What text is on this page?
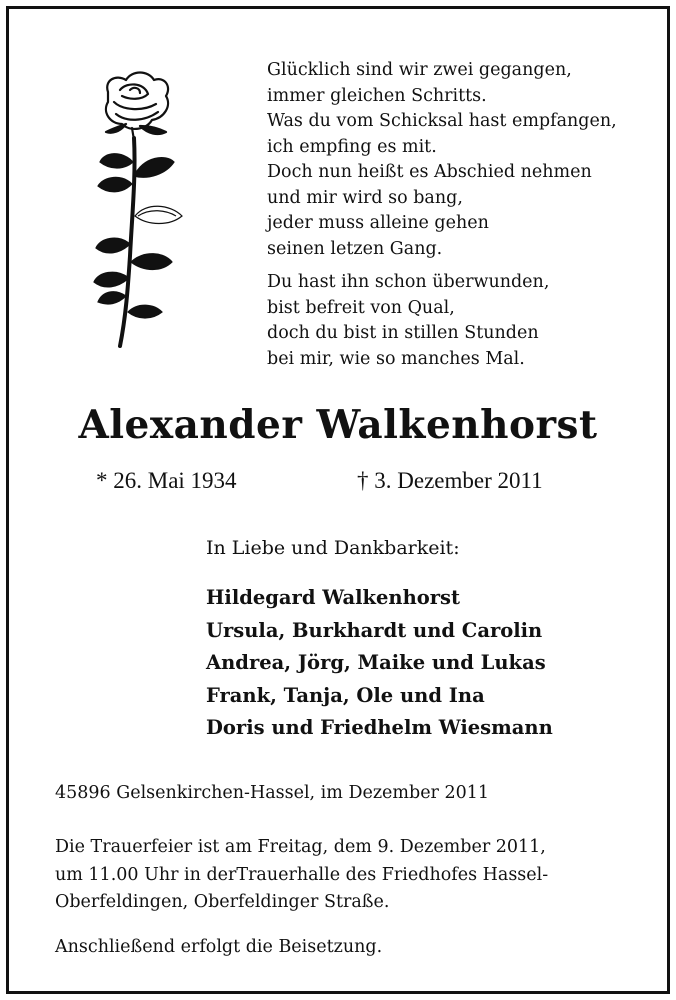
Glücklich sind wir zwei gegangen,
immer gleichen Schritts.
Was du vom Schicksal hast empfangen,
ich empfing es mit.
Doch nun heißt es Abschied nehmen
und mir wird so bang,
jeder muss alleine gehen
seinen letzen Gang.
Du hast ihn schon überwunden,
bist befreit von Qual,
doch du bist in stillen Stunden
bei mir, wie so manches Mal.
Alexander Walkenhorst
* 26. Mai 1934	† 3. Dezember 2011
In Liebe und Dankbarkeit:
Hildegard Walkenhorst
Ursula, Burkhardt und Carolin
Andrea, Jörg, Maike und Lukas
Frank, Tanja, Ole und Ina
Doris und Friedhelm Wiesmann
45896 Gelsenkirchen-Hassel, im Dezember 2011
Die Trauerfeier ist am Freitag, dem 9. Dezember 2011,
um 11.00 Uhr in derTrauerhalle des Friedhofes Hassel-
Oberfeldingen, Oberfeldinger Straße.
Anschließend erfolgt die Beisetzung.
